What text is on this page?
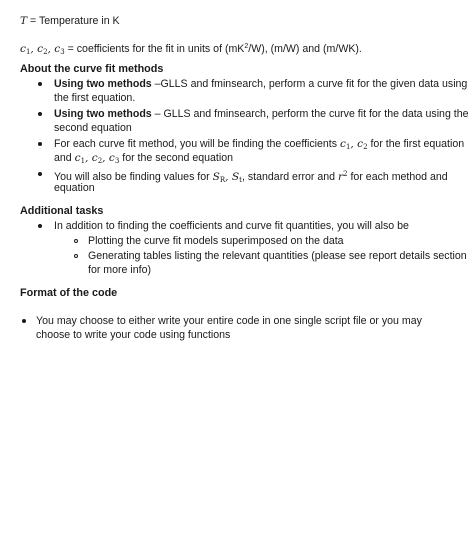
T = Temperature in K
$c_1$, $c_2$, $c_3$ = coefficients for the fit in units of $(mK^2/W)$, (m/W) and (m/WK).
About the curve fit methods
Using two methods –GLLS and fminsearch, perform a curve fit for the given data using
the first equation.
Using two methods – GLLS and fminsearch, perform the curve fit for the data using the
second equation
For each curve fit method, you will be finding the coefficients $c_1$, $c_2$ for the first equation
and $c_1$, $c_2$, $c_3$ for the second equation
You will also be finding values for $S_R$, $S_t$, standard error and $r^2$ for each method and
equation
Additional tasks
In addition to finding the coefficients and curve fit quantities, you will also be
Plotting the curve fit models superimposed on the data
Generating tables listing the relevant quantities (please see report details section
for more info)
Format of the code
You may choose to either write your entire code in one single script file or you may
choose to write your code using functions
